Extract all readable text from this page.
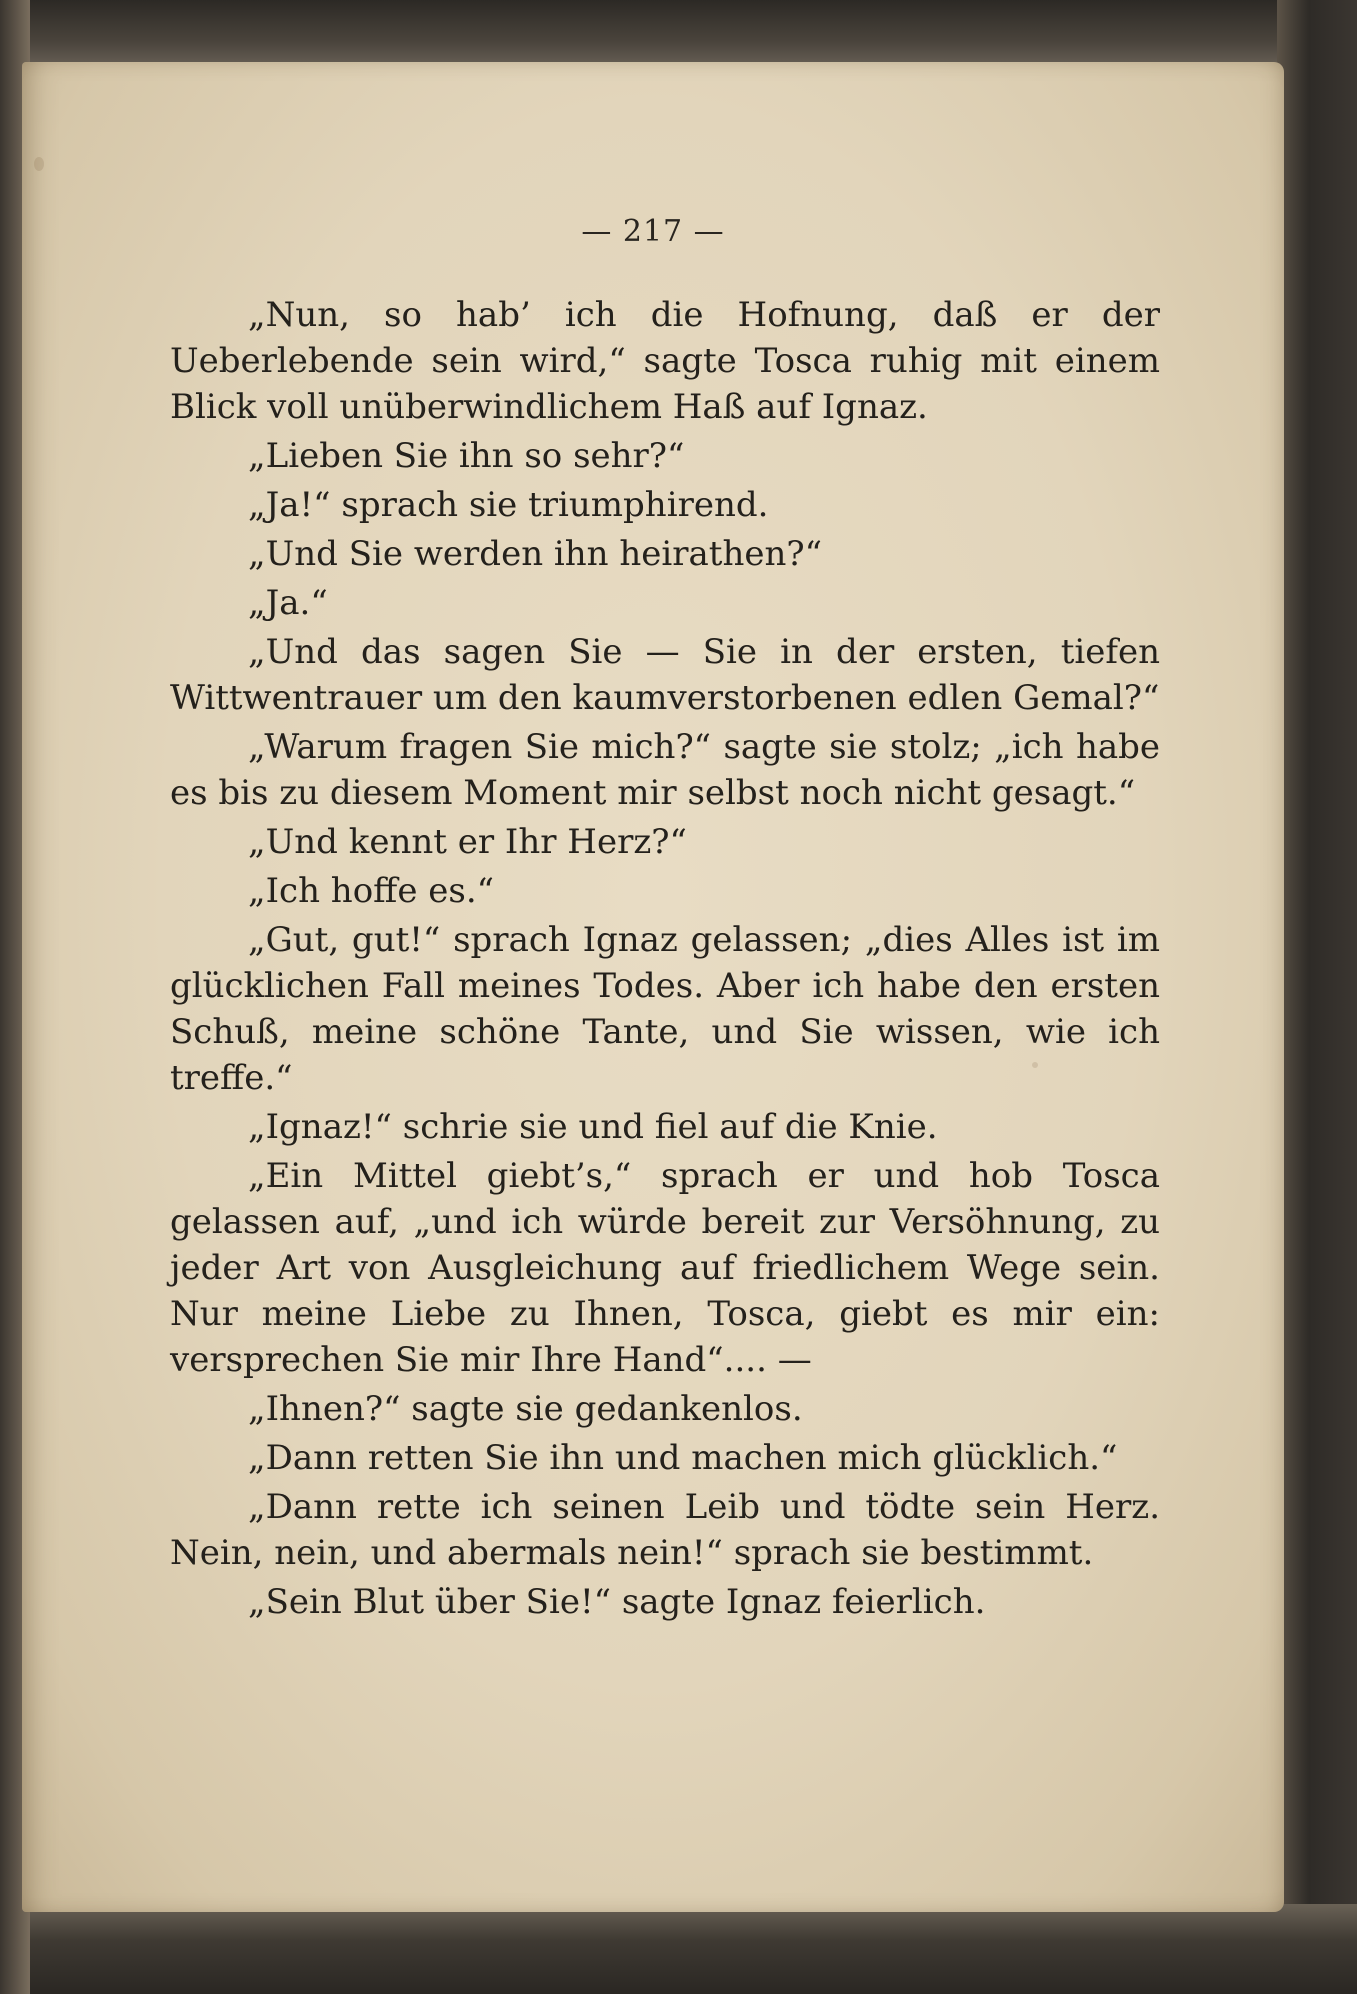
— 217 —

„Nun, so hab’ ich die Hofnung, daß er der Ueberlebende sein wird,“ sagte Tosca ruhig mit einem Blick voll unüberwindlichem Haß auf Ignaz.

„Lieben Sie ihn so sehr?“

„Ja!“ sprach sie triumphirend.

„Und Sie werden ihn heirathen?“

„Ja.“

„Und das sagen Sie — Sie in der ersten, tiefen Wittwentrauer um den kaumverstorbenen edlen Gemal?“

„Warum fragen Sie mich?“ sagte sie stolz; „ich habe es bis zu diesem Moment mir selbst noch nicht gesagt.“

„Und kennt er Ihr Herz?“

„Ich hoffe es.“

„Gut, gut!“ sprach Ignaz gelassen; „dies Alles ist im glücklichen Fall meines Todes. Aber ich habe den ersten Schuß, meine schöne Tante, und Sie wissen, wie ich treffe.“

„Ignaz!“ schrie sie und fiel auf die Knie.

„Ein Mittel giebt’s,“ sprach er und hob Tosca gelassen auf, „und ich würde bereit zur Versöhnung, zu jeder Art von Ausgleichung auf friedlichem Wege sein. Nur meine Liebe zu Ihnen, Tosca, giebt es mir ein: versprechen Sie mir Ihre Hand“.... —

„Ihnen?“ sagte sie gedankenlos.

„Dann retten Sie ihn und machen mich glücklich.“

„Dann rette ich seinen Leib und tödte sein Herz. Nein, nein, und abermals nein!“ sprach sie bestimmt.

„Sein Blut über Sie!“ sagte Ignaz feierlich.
